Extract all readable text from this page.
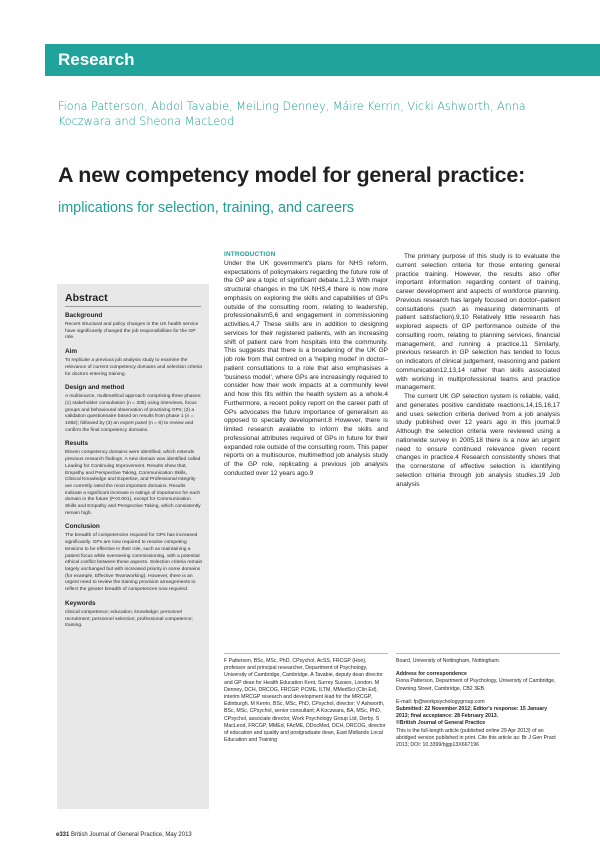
Research
Fiona Patterson, Abdol Tavabie, MeiLing Denney, Máire Kerrin, Vicki Ashworth, Anna Koczwara and Sheona MacLeod
A new competency model for general practice:
implications for selection, training, and careers
Abstract
Background

Recent structural and policy changes in the UK health service have significantly changed the job responsibilities for the GP role.

Aim

To replicate a previous job analysis study to examine the relevance of current competency domains and selection criteria for doctors entering training.

Design and method

A multisource, multimethod approach comprising three phases: (1) stakeholder consultation (n = 305) using interviews, focus groups and behavioural observation of practising GPs; (2) a validation questionnaire based on results from phase 1 (n = 1082); followed by (3) an expert panel (n = 6) to review and confirm the final competency domains.

Results

Eleven competency domains were identified, which extends previous research findings. A new domain was identified called Leading for Continuing Improvement. Results show that, Empathy and Perspective Taking, Communication Skills, Clinical Knowledge and Expertise, and Professional Integrity are currently rated the most important domains. Results indicate a significant increase in ratings of importance for each domain in the future (P<0.001), except for Communication Skills and Empathy and Perspective Taking, which consistently remain high.

Conclusion

The breadth of competencies required for GPs has increased significantly. GPs are now required to resolve competing tensions to be effective in their role, such as maintaining a patient focus while overseeing commissioning, with a potential ethical conflict between these aspects. Selection criteria remain largely unchanged but with increased priority in some domains (for example, Effective Teamworking). However, there is an urgent need to review the training provision arrangements to reflect the greater breadth of competences now required.

Keywords

clinical competence; education; knowledge; personnel recruitment; personnel selection; professional competence; training.

INTRODUCTION

Under the UK government's plans for NHS reform, expectations of policymakers regarding the future role of the GP are a topic of significant debate.1,2,3 With major structural changes in the UK NHS,4 there is now more emphasis on exploring the skills and capabilities of GPs outside of the consulting room, relating to leadership, professionalism5,6 and engagement in commissioning activities.4,7 These skills are in addition to designing services for their registered patients, with an increasing shift of patient care from hospitals into the community. This suggests that there is a broadening of the UK GP job role from that centred on a 'helping model' in doctor–patient consultations to a role that also emphasises a 'business model', where GPs are increasingly required to consider how their work impacts at a community level and how this fits within the health system as a whole.4 Furthermore, a recent policy report on the career path of GPs advocates the future importance of generalism as opposed to specialty development.8 However, there is limited research available to inform the skills and professional attributes required of GPs in future for their expanded role outside of the consulting room. This paper reports on a multisource, multimethod job analysis study of the GP role, replicating a previous job analysis conducted over 12 years ago.9

The primary purpose of this study is to evaluate the current selection criteria for those entering general practice training. However, the results also offer important information regarding content of training, career development and aspects of workforce planning. Previous research has largely focused on doctor–patient consultations (such as measuring determinants of patient satisfaction).9,10 Relatively little research has explored aspects of GP performance outside of the consulting room, relating to planning services, financial management, and running a practice.11 Similarly, previous research in GP selection has tended to focus on indicators of clinical judgement, reasoning and patient communication12,13,14 rather than skills associated with working in multiprofessional teams and practice management.

The current UK GP selection system is reliable, valid, and generates positive candidate reactions,14,15,16,17 and uses selection criteria derived from a job analysis study published over 12 years ago in this journal.9 Although the selection criteria were reviewed using a nationwide survey in 2005,18 there is a now an urgent need to ensure continued relevance given recent changes in practice.4 Research consistently shows that the cornerstone of effective selection is identifying selection criteria through job analysis studies.19 Job analysis

F Patterson, BSc, MSc, PhD, CPsychol, AcSS, FRCGP (Hon), professor and principal researcher, Department of Psychology, University of Cambridge, Cambridge. A Tavabie, deputy dean director and GP dean for Health Education Kent, Surrey Sussex, London. M Denney, DCH, DRCOG, FRCGP, PCME, ILTM, MMedSci (Clin Ed), interim MRCGP research and development lead for the MRCGP, Edinburgh. M Kerrin, BSc, MSc, PhD, CPsychol, director; V Ashworth, BSc, MSc, CPsychol, senior consultant; A Koczwara, BA, MSc, PhD, CPsychol, associate director, Work Psychology Group Ltd, Derby. S MacLeod, FRCGP, MMEd, FAcME, DDocMed, DCH, DRCOG, director of education and quality and postgraduate dean, East Midlands Local Education and Training

Board, University of Nottingham, Nottingham.

Address for correspondence

Fiona Patterson, Department of Psychology, University of Cambridge, Downing Street, Cambridge, CB2 3EB.

E-mail: fp@workpsychologygroup.com

Submitted: 22 November 2012; Editor's response: 15 January 2013; final acceptance: 28 February 2013.

©British Journal of General Practice

This is the full-length article (published online 29 Apr 2013) of an abridged version published in print. Cite this article as: Br J Gen Pract 2013; DOI: 10.3399/bjgp13X667196

e331 British Journal of General Practice, May 2013
